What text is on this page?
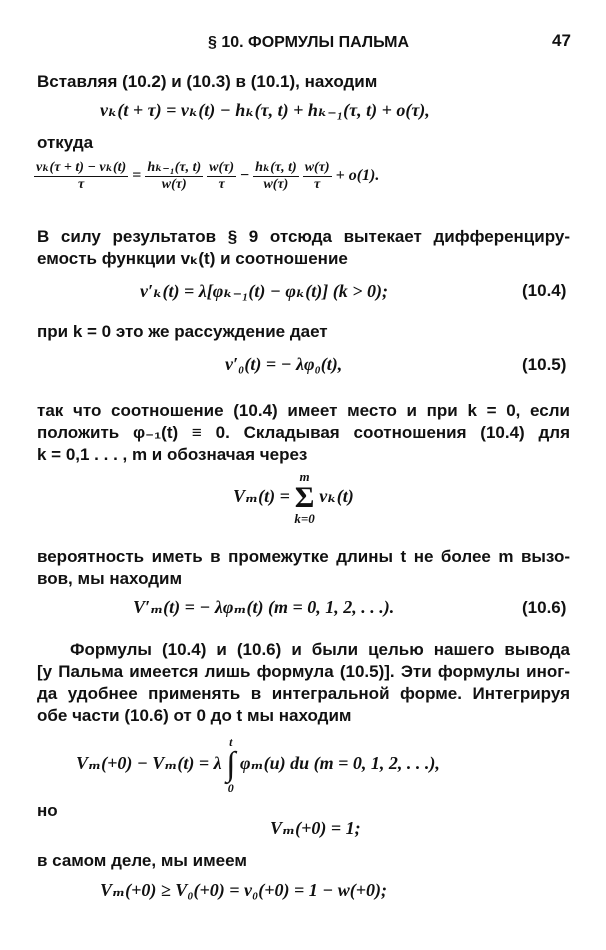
§ 10. ФОРМУЛЫ ПАЛЬМА	47
Вставляя (10.2) и (10.3) в (10.1), находим
vₖ(t + τ) = vₖ(t) − hₖ(τ, t) + hₖ₋₁(τ, t) + o(τ),
откуда
$\frac{\text{vₖ(τ + t) − vₖ(t)}}{\tau} = \frac{\text{hₖ₋₁(τ, t)}}{w(\tau)}$
$\frac{w(\tau)}{\tau} - \frac{\text{hₖ(τ, t)}}{w(\tau)}$
$\frac{w(\tau)}{\tau} + o(1)$.
В силу результатов § 9 отсюда вытекает дифференциру-
емость функции vₖ(t) и соотношение
v′ₖ(t) = λ[φₖ₋₁(t) − φₖ(t)] (k > 0);	(10.4)
при k = 0 это же рассуждение дает
v′₀(t) = − λφ₀(t),	(10.5)
так что соотношение (10.4) имеет место и при k = 0, если
положить φ₋₁(t) ≡ 0. Складывая соотношения (10.4) для
k = 0,1 . . . , m и обозначая через
Vₘ(t) = m
Σ
k=0 vₖ(t)
вероятность иметь в промежутке длины t не более m вызо-
вов, мы находим
V′ₘ(t) = − λφₘ(t) (m = 0, 1, 2, . . .).	(10.6)
Формулы (10.4) и (10.6) и были целью нашего вывода
[у Пальма имеется лишь формула (10.5)]. Эти формулы иног-
да удобнее применять в интегральной форме. Интегрируя
обе части (10.6) от 0 до t мы находим
Vₘ(+0) − Vₘ(t) = λ t
∫
0 φₘ(u) du (m = 0, 1, 2, . . .),
но
Vₘ(+0) = 1;
в самом деле, мы имеем
Vₘ(+0) ≥ V₀(+0) = v₀(+0) = 1 − w(+0);
